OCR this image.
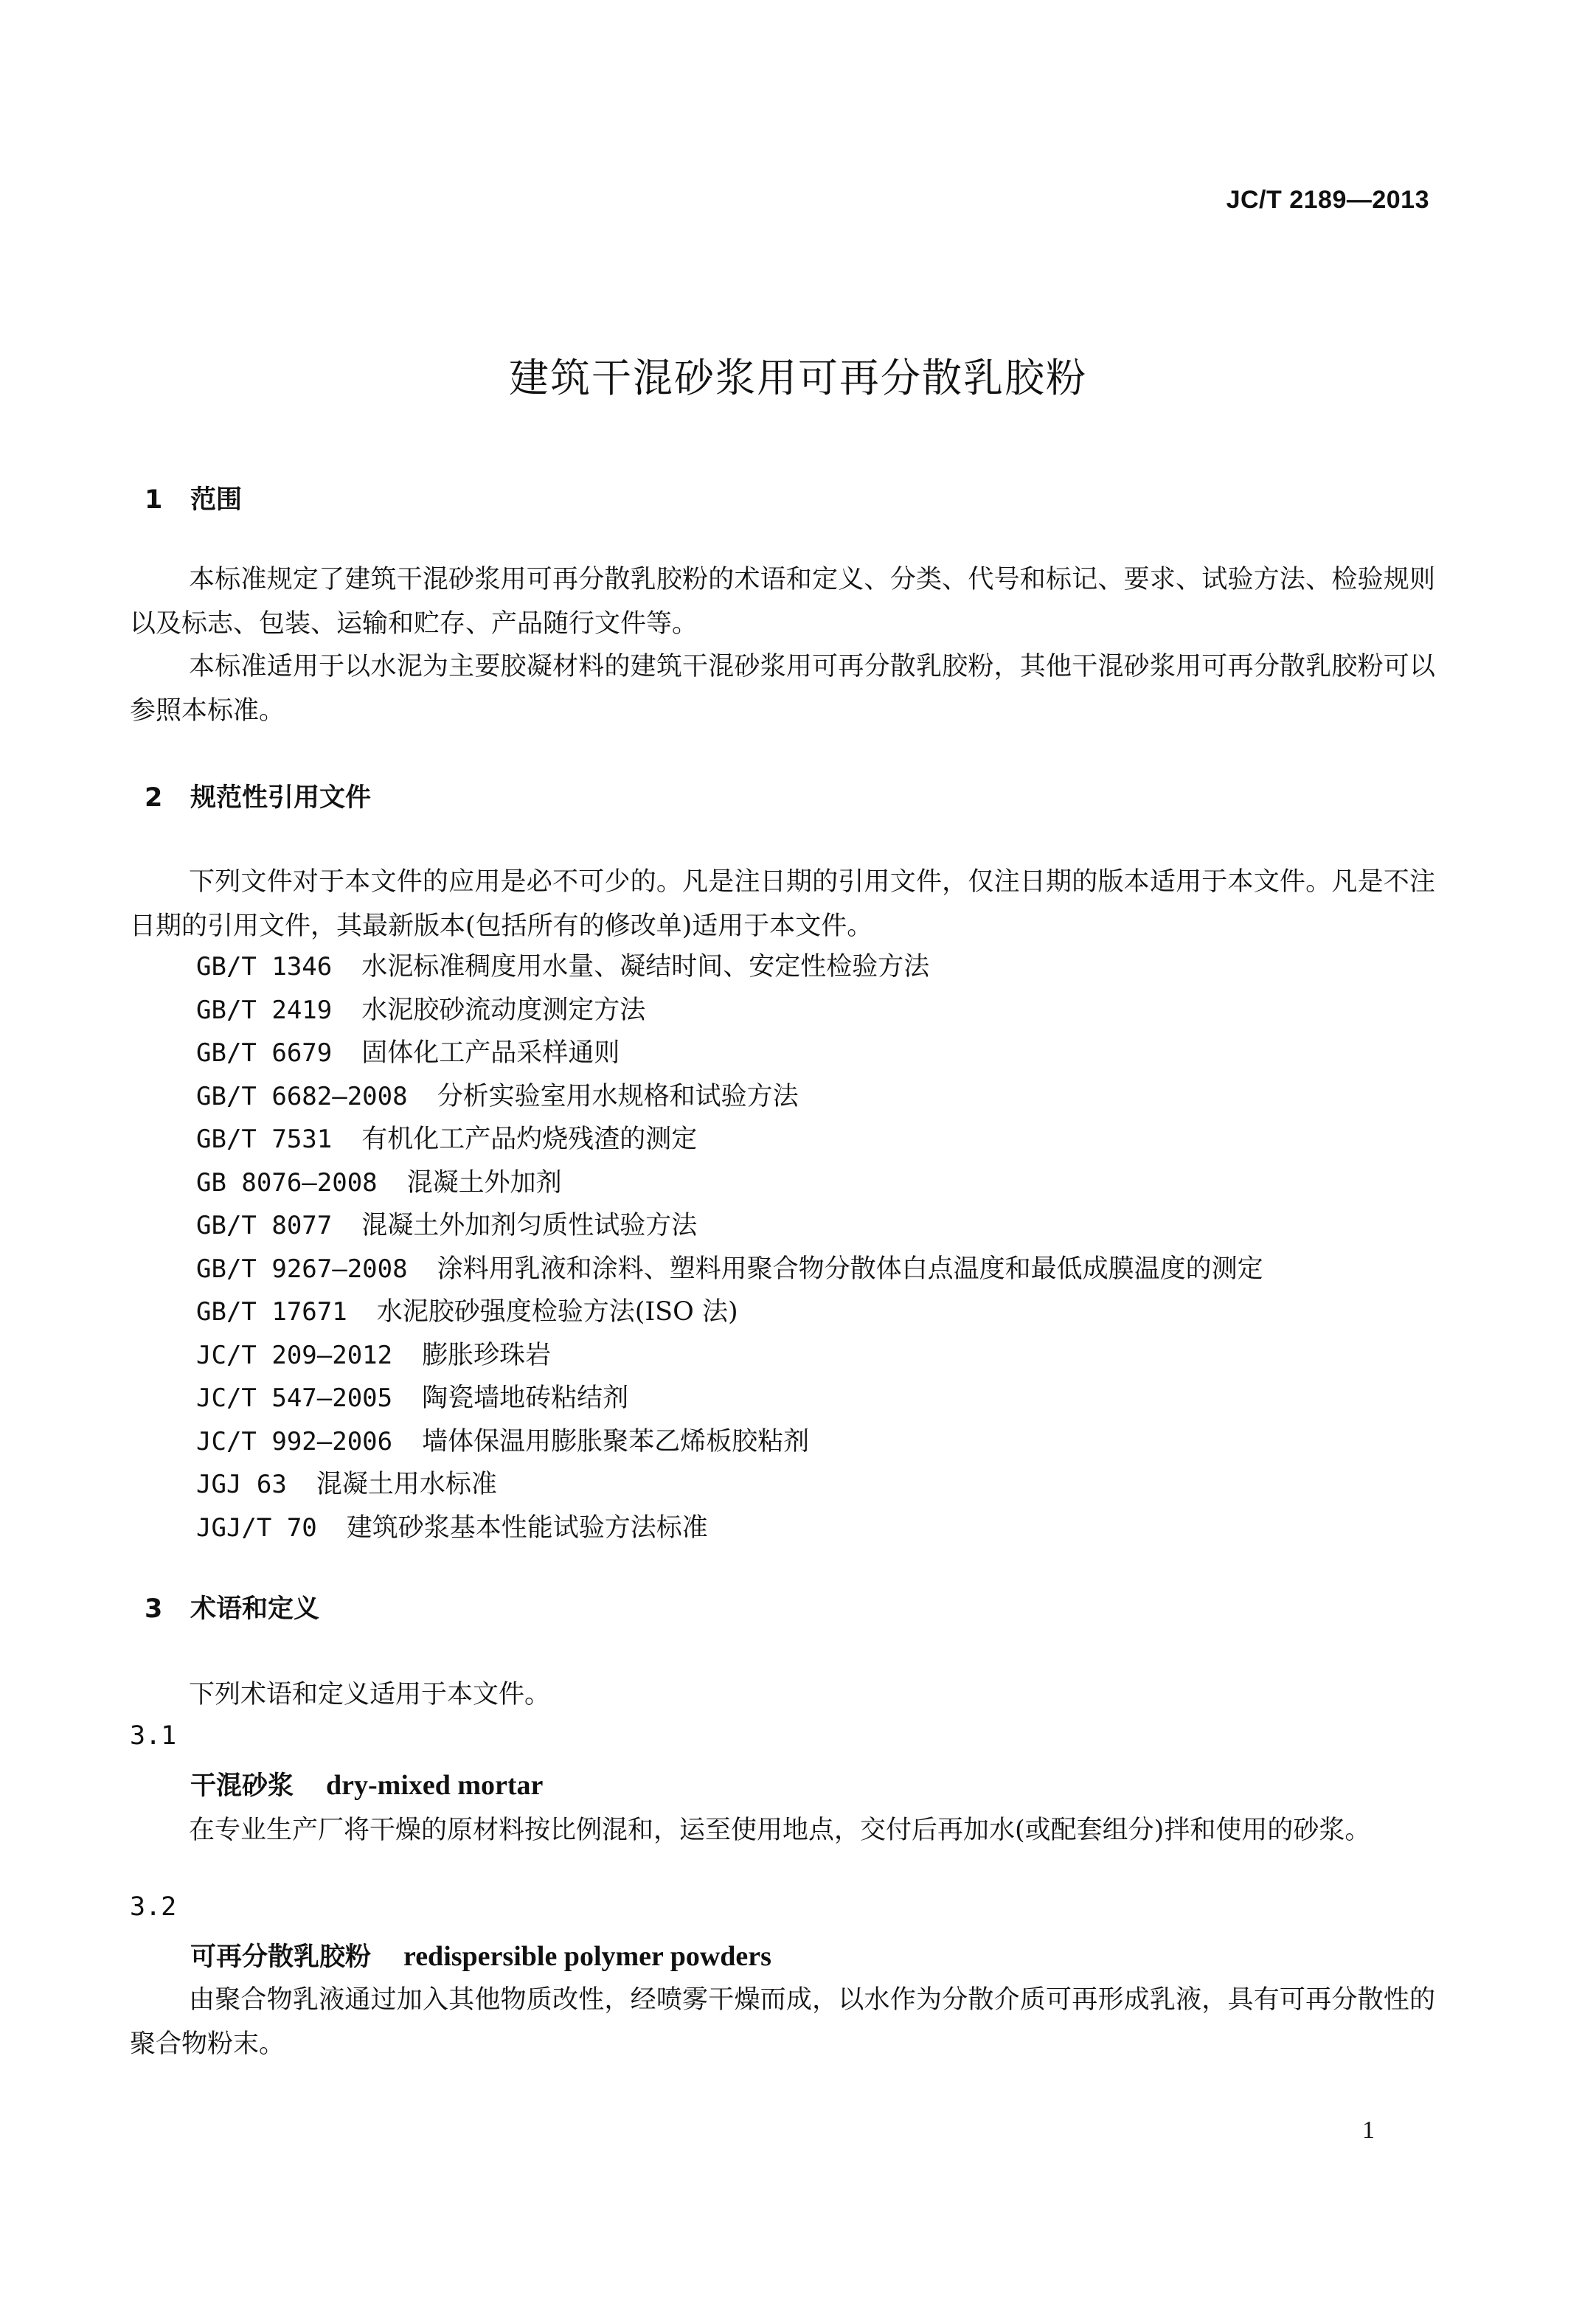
JC/T 2189—2013
建筑干混砂浆用可再分散乳胶粉
1 范围
本标准规定了建筑干混砂浆用可再分散乳胶粉的术语和定义、分类、代号和标记、要求、试验方法、检验规则以及标志、包装、运输和贮存、产品随行文件等。
本标准适用于以水泥为主要胶凝材料的建筑干混砂浆用可再分散乳胶粉，其他干混砂浆用可再分散乳胶粉可以参照本标准。
2 规范性引用文件
下列文件对于本文件的应用是必不可少的。凡是注日期的引用文件，仅注日期的版本适用于本文件。凡是不注日期的引用文件，其最新版本(包括所有的修改单)适用于本文件。
GB/T 1346 水泥标准稠度用水量、凝结时间、安定性检验方法
GB/T 2419 水泥胶砂流动度测定方法
GB/T 6679 固体化工产品采样通则
GB/T 6682—2008 分析实验室用水规格和试验方法
GB/T 7531 有机化工产品灼烧残渣的测定
GB 8076—2008 混凝土外加剂
GB/T 8077 混凝土外加剂匀质性试验方法
GB/T 9267—2008 涂料用乳液和涂料、塑料用聚合物分散体白点温度和最低成膜温度的测定
GB/T 17671 水泥胶砂强度检验方法(ISO 法)
JC/T 209—2012 膨胀珍珠岩
JC/T 547—2005 陶瓷墙地砖粘结剂
JC/T 992—2006 墙体保温用膨胀聚苯乙烯板胶粘剂
JGJ 63 混凝土用水标准
JGJ/T 70 建筑砂浆基本性能试验方法标准
3 术语和定义
下列术语和定义适用于本文件。
3.1
干混砂浆 dry-mixed mortar
在专业生产厂将干燥的原材料按比例混和，运至使用地点，交付后再加水(或配套组分)拌和使用的砂浆。
3.2
可再分散乳胶粉 redispersible polymer powders
由聚合物乳液通过加入其他物质改性，经喷雾干燥而成，以水作为分散介质可再形成乳液，具有可再分散性的聚合物粉末。
1
